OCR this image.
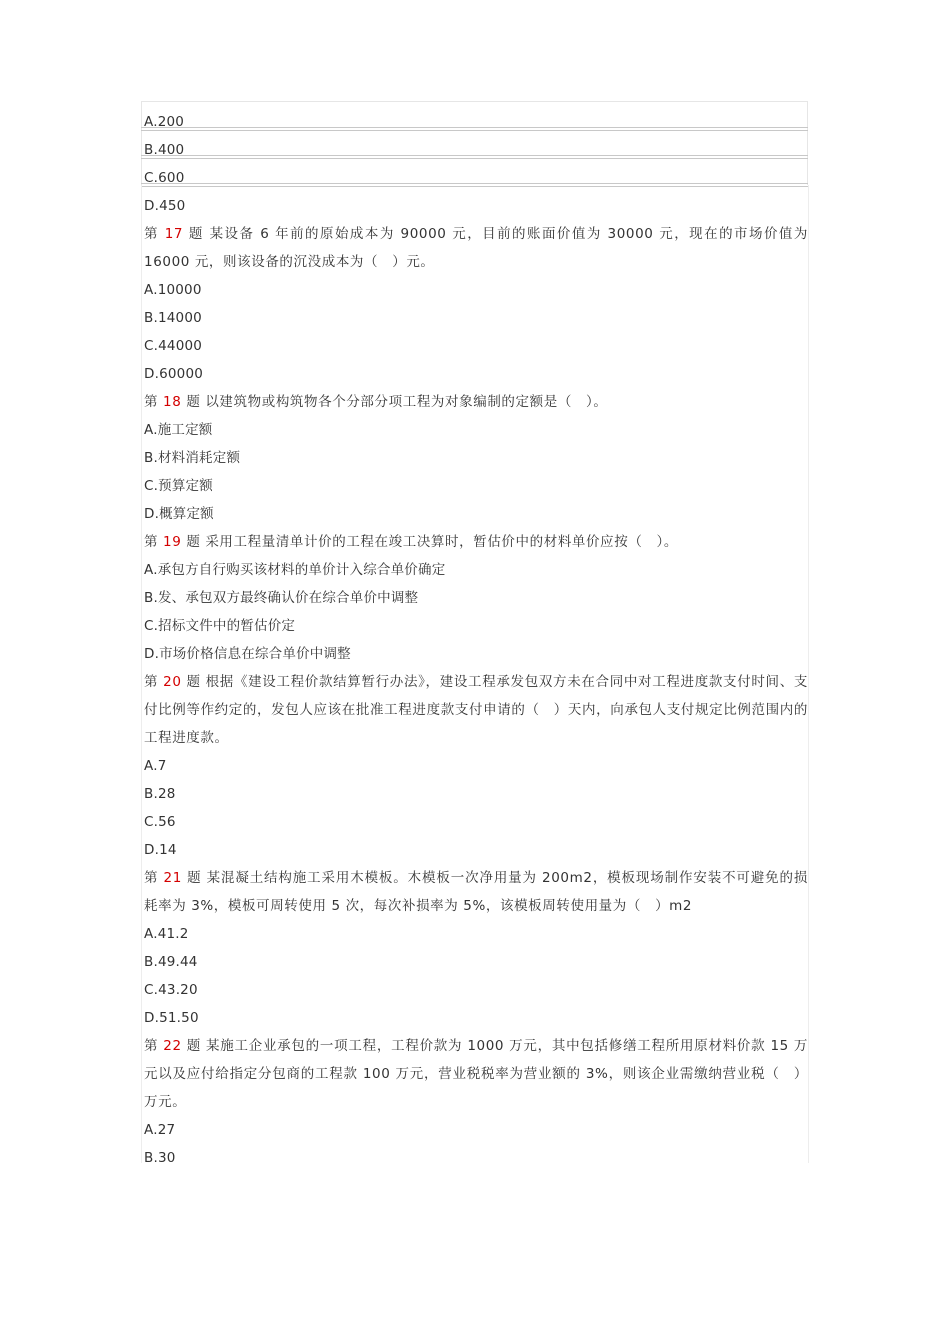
A.200
B.400
C.600
D.450
第 17 题 某设备 6 年前的原始成本为 90000 元，目前的账面价值为 30000 元，现在的市场价值为 16000 元，则该设备的沉没成本为（　）元。
A.10000
B.14000
C.44000
D.60000
第 18 题 以建筑物或构筑物各个分部分项工程为对象编制的定额是（　）。
A.施工定额
B.材料消耗定额
C.预算定额
D.概算定额
第 19 题 采用工程量清单计价的工程在竣工决算时，暂估价中的材料单价应按（　）。
A.承包方自行购买该材料的单价计入综合单价确定
B.发、承包双方最终确认价在综合单价中调整
C.招标文件中的暂估价定
D.市场价格信息在综合单价中调整
第 20 题 根据《建设工程价款结算暂行办法》，建设工程承发包双方未在合同中对工程进度款支付时间、支付比例等作约定的，发包人应该在批准工程进度款支付申请的（　）天内，向承包人支付规定比例范围内的工程进度款。
A.7
B.28
C.56
D.14
第 21 题 某混凝土结构施工采用木模板。木模板一次净用量为 200m2，模板现场制作安装不可避免的损耗率为 3%，模板可周转使用 5 次，每次补损率为 5%，该模板周转使用量为（　）m2
A.41.2
B.49.44
C.43.20
D.51.50
第 22 题 某施工企业承包的一项工程，工程价款为 1000 万元，其中包括修缮工程所用原材料价款 15 万元以及应付给指定分包商的工程款 100 万元，营业税税率为营业额的 3%，则该企业需缴纳营业税（　）万元。
A.27
B.30
